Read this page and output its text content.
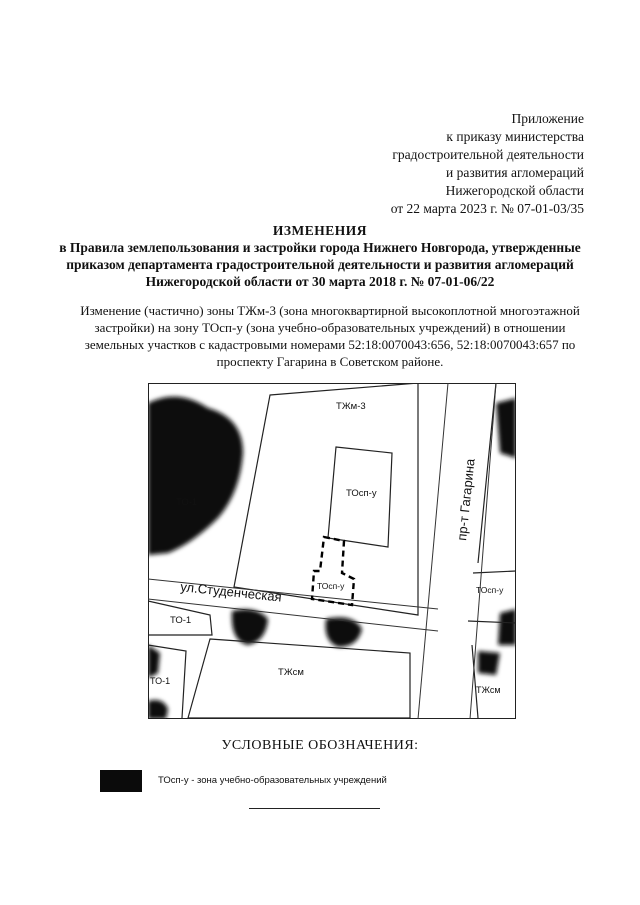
Приложение
к приказу министерства
градостроительной деятельности
и развития агломераций
Нижегородской области
от 22 марта 2023 г. № 07-01-03/35
ИЗМЕНЕНИЯ
в Правила землепользования и застройки города Нижнего Новгорода, утвержденные приказом департамента градостроительной деятельности и развития агломераций Нижегородской области от 30 марта 2018 г. № 07-01-06/22
Изменение (частично) зоны ТЖм-3 (зона многоквартирной высокоплотной многоэтажной застройки) на зону ТОсп-у (зона учебно-образовательных учреждений) в отношении земельных участков с кадастровыми номерами 52:18:0070043:656, 52:18:0070043:657 по проспекту Гагарина в Советском районе.
ТЖм-3
ТОсп-у
ТОсп-у
ТО-1
ТО-1
ТО-1
ТОсп-у
ТЖсм
ТЖсм
ул.Студенческая
пр-т Гагарина
УСЛОВНЫЕ ОБОЗНАЧЕНИЯ:
ТОсп-у - зона учебно-образовательных учреждений
